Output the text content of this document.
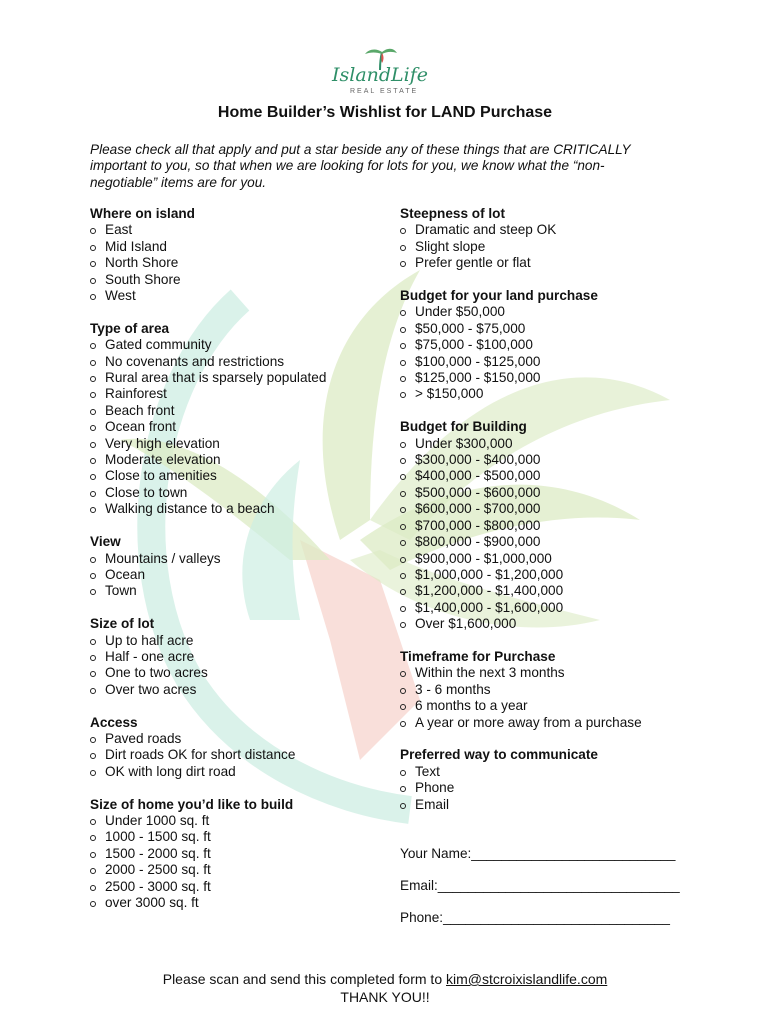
IslandLife
REAL ESTATE
Home Builder’s Wishlist for LAND Purchase

Please check all that apply and put a star beside any of these things that are CRITICALLY important to you, so that when we are looking for lots for you, we know what the “non-negotiable” items are for you.

Where on island
East
Mid Island
North Shore
South Shore
West
Type of area
Gated community
No covenants and restrictions
Rural area that is sparsely populated
Rainforest
Beach front
Ocean front
Very high elevation
Moderate elevation
Close to amenities
Close to town
Walking distance to a beach
View
Mountains / valleys
Ocean
Town
Size of lot
Up to half acre
Half - one acre
One to two acres
Over two acres
Access
Paved roads
Dirt roads OK for short distance
OK with long dirt road
Size of home you’d like to build
Under 1000 sq. ft
1000 - 1500 sq. ft
1500 - 2000 sq. ft
2000 - 2500 sq. ft
2500 - 3000 sq. ft
over 3000 sq. ft
Steepness of lot
Dramatic and steep OK
Slight slope
Prefer gentle or flat
Budget for your land purchase
Under $50,000
$50,000 - $75,000
$75,000 - $100,000
$100,000 - $125,000
$125,000 - $150,000
> $150,000
Budget for Building
Under $300,000
$300,000 - $400,000
$400,000 - $500,000
$500,000 - $600,000
$600,000 - $700,000
$700,000 - $800,000
$800,000 - $900,000
$900,000 - $1,000,000
$1,000,000 - $1,200,000
$1,200,000 - $1,400,000
$1,400,000 - $1,600,000
Over $1,600,000
Timeframe for Purchase
Within the next 3 months
3 - 6 months
6 months to a year
A year or more away from a purchase
Preferred way to communicate
Text
Phone
Email
Your Name:___________________________
Email:________________________________
Phone:______________________________
Please scan and send this completed form to kim@stcroixislandlife.com
THANK YOU!!
